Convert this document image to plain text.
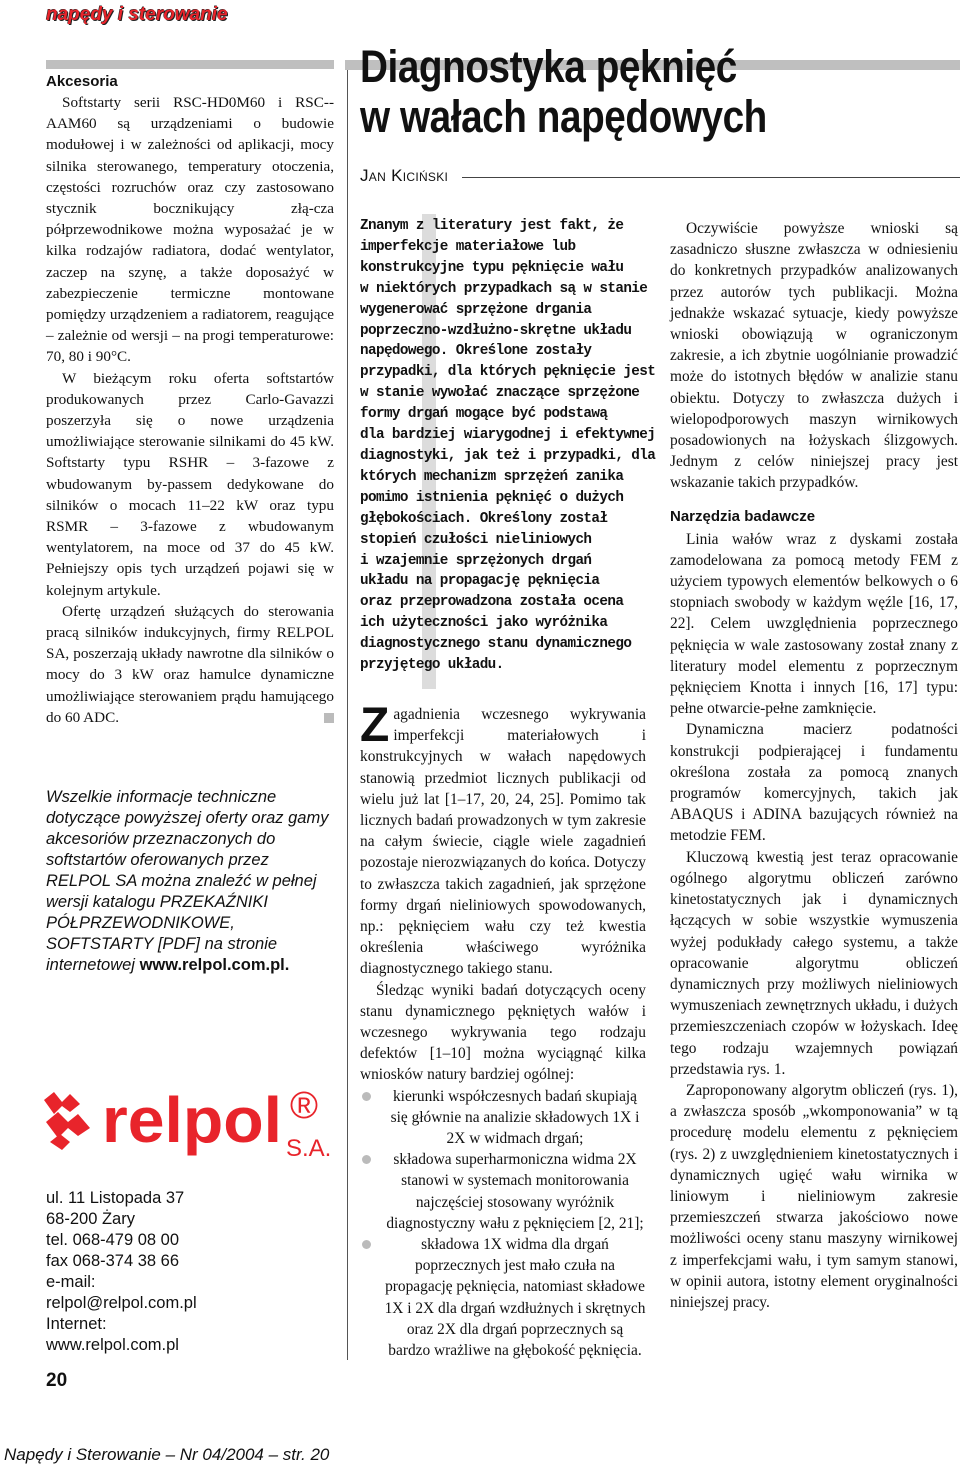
napędy i sterowanie
Akcesoria

Softstarty serii RSC-HD0M60 i RSC--AAM60 są urządzeniami o budowie modułowej i w zależności od aplikacji, mocy silnika sterowanego, temperatury otoczenia, częstości rozruchów oraz czy zastosowano stycznik bocznikujący złą-cza półprzewodnikowe można wyposażać je w kilka rodzajów radiatora, dodać wentylator, zaczep na szynę, a także doposażyć w zabezpieczenie termiczne montowane pomiędzy urządzeniem a radiatorem, reagujące – zależnie od wersji – na progi temperaturowe: 70, 80 i 90°C.

W bieżącym roku oferta softstartów produkowanych przez Carlo-Gavazzi poszerzyła się o nowe urządzenia umożliwiające sterowanie silnikami do 45 kW. Softstarty typu RSHR – 3-fazowe z wbudowanym by-passem dedykowane do silników o mocach 11–22 kW oraz typu RSMR – 3-fazowe z wbudowanym wentylatorem, na moce od 37 do 45 kW. Pełniejszy opis tych urządzeń pojawi się w kolejnym artykule.

Ofertę urządzeń służących do sterowania pracą silników indukcyjnych, firmy RELPOL SA, poszerzają układy nawrotne dla silników o mocy do 3 kW oraz hamulce dynamiczne umożliwiające sterowaniem prądu hamującego do 60 ADC.

Wszelkie informacje techniczne dotyczące powyższej oferty oraz gamy akcesoriów przeznaczonych do softstartów oferowanych przez RELPOL SA można znaleźć w pełnej wersji katalogu PRZEKAŹNIKI PÓŁPRZEWODNIKOWE, SOFTSTARTY [PDF] na stronie internetowej www.relpol.com.pl.
relpol ®
S.A.
ul. 11 Listopada 37
68-200 Żary
tel. 068-479 08 00
fax 068-374 38 66
e-mail:
relpol@relpol.com.pl
Internet:
www.relpol.com.pl
20
Napędy i Sterowanie – Nr 04/2004 – str. 20
Diagnostyka pęknięć
w wałach napędowych
Jan Kiciński
Znanym z literatury jest fakt, że
imperfekcje materiałowe lub
konstrukcyjne typu pęknięcie wału
w niektórych przypadkach są w stanie
wygenerować sprzężone drgania
poprzeczno-wzdłużno-skrętne układu
napędowego. Określone zostały
przypadki, dla których pęknięcie jest
w stanie wywołać znaczące sprzężone
formy drgań mogące być podstawą
dla bardziej wiarygodnej i efektywnej
diagnostyki, jak też i przypadki, dla
których mechanizm sprzężeń zanika
pomimo istnienia pęknięć o dużych
głębokościach. Określony został
stopień czułości nieliniowych
i wzajemnie sprzężonych drgań
układu na propagację pęknięcia
oraz przeprowadzona została ocena
ich użyteczności jako wyróżnika
diagnostycznego stanu dynamicznego
przyjętego układu.

Zagadnienia wczesnego wykrywania imperfekcji materiałowych i konstrukcyjnych w wałach napędowych stanowią przedmiot licznych publikacji od wielu już lat [1–17, 20, 24, 25]. Pomimo tak licznych badań prowadzonych w tym zakresie na całym świecie, ciągle wiele zagadnień pozostaje nierozwiązanych do końca. Dotyczy to zwłaszcza takich zagadnień, jak sprzężone formy drgań nieliniowych spowodowanych, np.: pęknięciem wału czy też kwestia określenia właściwego wyróżnika diagnostycznego takiego stanu.

Śledząc wyniki badań dotyczących oceny stanu dynamicznego pękniętych wałów i wczesnego wykrywania tego rodzaju defektów [1–10] można wyciągnąć kilka wniosków natury bardziej ogólnej:

kierunki współczesnych badań skupiają się głównie na analizie składowych 1X i 2X w widmach drgań;
składowa superharmoniczna widma 2X stanowi w systemach monitorowania najczęściej stosowany wyróżnik diagnostyczny wału z pęknięciem [2, 21];
składowa 1X widma dla drgań poprzecznych jest mało czuła na propagację pęknięcia, natomiast składowe 1X i 2X dla drgań wzdłużnych i skrętnych oraz 2X dla drgań poprzecznych są bardzo wrażliwe na głębokość pęknięcia.

Oczywiście powyższe wnioski są zasadniczo słuszne zwłaszcza w odniesieniu do konkretnych przypadków analizowanych przez autorów tych publikacji. Można jednakże wskazać sytuacje, kiedy powyższe wnioski obowiązują w ograniczonym zakresie, a ich zbytnie uogólnianie prowadzić może do istotnych błędów w analizie stanu obiektu. Dotyczy to zwłaszcza dużych i wielopodporowych maszyn wirnikowych posadowionych na łożyskach ślizgowych. Jednym z celów niniejszej pracy jest wskazanie takich przypadków.

Narzędzia badawcze

Linia wałów wraz z dyskami została zamodelowana za pomocą metody FEM z użyciem typowych elementów belkowych o 6 stopniach swobody w każdym węźle [16, 17, 22]. Celem uwzględnienia poprzecznego pęknięcia w wale zastosowany został znany z literatury model elementu z poprzecznym pęknięciem Knotta i innych [16, 17] typu: pełne otwarcie-pełne zamknięcie.

Dynamiczna macierz podatności konstrukcji podpierającej i fundamentu określona została za pomocą znanych programów komercyjnych, takich jak ABAQUS i ADINA bazujących również na metodzie FEM.

Kluczową kwestią jest teraz opracowanie ogólnego algorytmu obliczeń zarówno kinetostatycznych jak i dynamicznych łączących w sobie wszystkie wymuszenia wyżej podukłady całego systemu, a także opracowanie algorytmu obliczeń dynamicznych przy możliwych nieliniowych wymuszeniach zewnętrznych układu, i dużych przemieszczeniach czopów w łożyskach. Ideę tego rodzaju wzajemnych powiązań przedstawia rys. 1.

Zaproponowany algorytm obliczeń (rys. 1), a zwłaszcza sposób „wkomponowania” w tą procedurę modelu elementu z pęknięciem (rys. 2) z uwzględnieniem kinetostatycznych i dynamicznych ugięć wału wirnika w liniowym i nieliniowym zakresie przemieszczeń stwarza jakościowo nowe możliwości oceny stanu maszyny wirnikowej z imperfekcjami wału, i tym samym stanowi, w opinii autora, istotny element oryginalności niniejszej pracy.
